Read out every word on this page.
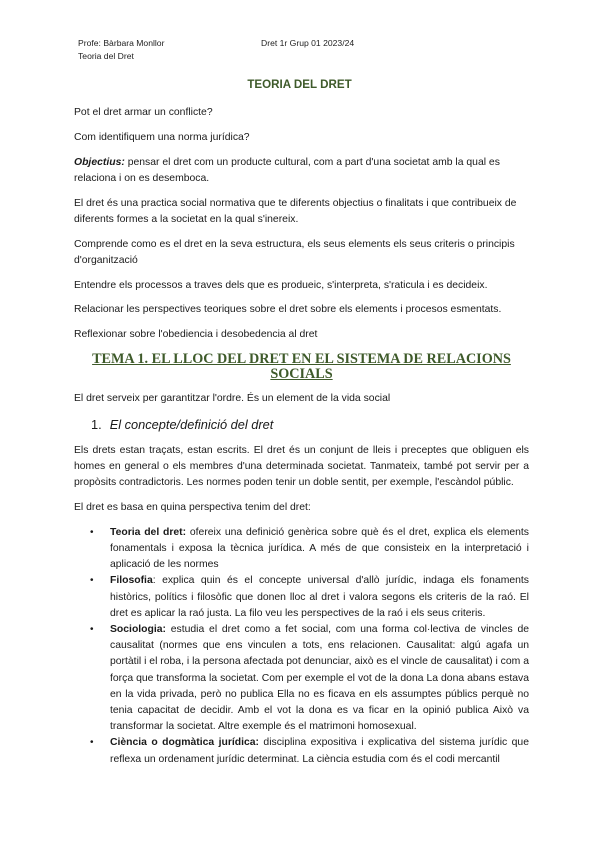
Profe: Bàrbara Monllor
Teoria del Dret
Dret 1r Grup 01 2023/24
TEORIA DEL DRET

Pot el dret armar un conflicte?

Com identifiquem una norma jurídica?

Objectius: pensar el dret com un producte cultural, com a part d'una societat amb la qual es relaciona i on es desemboca.

El dret és una practica social normativa que te diferents objectius o finalitats i que contribueix de diferents formes a la societat en la qual s'inereix.

Comprende como es el dret en la seva estructura, els seus elements els seus criteris o principis d'organització

Entendre els processos a traves dels que es produeic, s'interpreta, s'raticula i es decideix.

Relacionar les perspectives teoriques sobre el dret sobre els elements i procesos esmentats.

Reflexionar sobre l'obediencia i desobedencia al dret

TEMA 1. EL LLOC DEL DRET EN EL SISTEMA DE RELACIONS SOCIALS

El dret serveix per garantitzar l'ordre. És un element de la vida social

1. El concepte/definició del dret

Els drets estan traçats, estan escrits. El dret és un conjunt de lleis i preceptes que obliguen els homes en general o els membres d'una determinada societat. Tanmateix, també pot servir per a propòsits contradictoris. Les normes poden tenir un doble sentit, per exemple, l'escàndol públic.

El dret es basa en quina perspectiva tenim del dret:

• Teoria del dret: ofereix una definició genèrica sobre què és el dret, explica els elements fonamentals i exposa la tècnica jurídica. A més de que consisteix en la interpretació i aplicació de les normes
• Filosofia: explica quin és el concepte universal d'allò jurídic, indaga els fonaments històrics, polítics i filosòfic que donen lloc al dret i valora segons els criteris de la raó. El dret es aplicar la raó justa. La filo veu les perspectives de la raó i els seus criteris.
• Sociologia: estudia el dret como a fet social, com una forma col·lectiva de vincles de causalitat (normes que ens vinculen a tots, ens relacionen. Causalitat: algú agafa un portàtil i el roba, i la persona afectada pot denunciar, això es el vincle de causalitat) i com a força que transforma la societat. Com per exemple el vot de la dona La dona abans estava en la vida privada, però no publica Ella no es ficava en els assumptes públics perquè no tenia capacitat de decidir. Amb el vot la dona es va ficar en la opinió publica Això va transformar la societat. Altre exemple és el matrimoni homosexual.
• Ciència o dogmàtica jurídica: disciplina expositiva i explicativa del sistema jurídic que reflexa un ordenament jurídic determinat. La ciència estudia com és el codi mercantil
